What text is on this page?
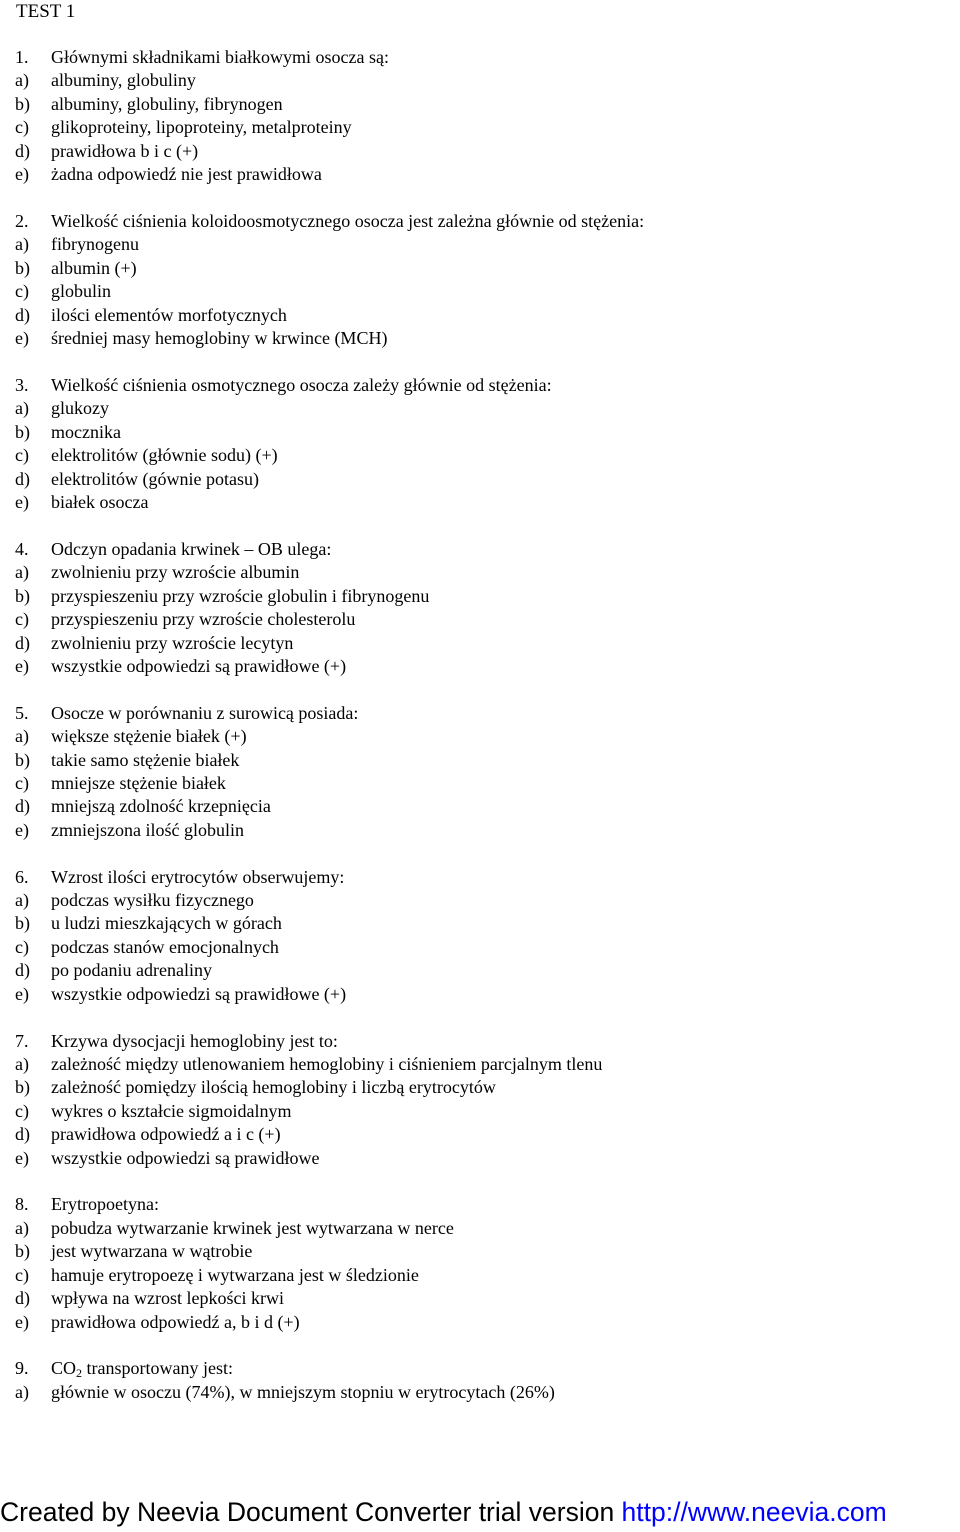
TEST 1
1.	Głównymi składnikami białkowymi osocza są:
a)	albuminy, globuliny
b)	albuminy, globuliny, fibrynogen
c)	glikoproteiny, lipoproteiny, metalproteiny
d)	prawidłowa b i c (+)
e)	żadna odpowiedź nie jest prawidłowa
2.	Wielkość ciśnienia koloidoosmotycznego osocza jest zależna głównie od stężenia:
a)	fibrynogenu
b)	albumin (+)
c)	globulin
d)	ilości elementów morfotycznych
e)	średniej masy hemoglobiny w krwince (MCH)
3.	Wielkość ciśnienia osmotycznego osocza zależy głównie od stężenia:
a)	glukozy
b)	mocznika
c)	elektrolitów (głównie sodu) (+)
d)	elektrolitów (gównie potasu)
e)	białek osocza
4.	Odczyn opadania krwinek – OB ulega:
a)	zwolnieniu przy wzroście albumin
b)	przyspieszeniu przy wzroście globulin i fibrynogenu
c)	przyspieszeniu przy wzroście cholesterolu
d)	zwolnieniu przy wzroście lecytyn
e)	wszystkie odpowiedzi są prawidłowe (+)
5.	Osocze w porównaniu z surowicą posiada:
a)	większe stężenie białek (+)
b)	takie samo stężenie białek
c)	mniejsze stężenie białek
d)	mniejszą zdolność krzepnięcia
e)	zmniejszona ilość globulin
6.	Wzrost ilości erytrocytów obserwujemy:
a)	podczas wysiłku fizycznego
b)	u ludzi mieszkających w górach
c)	podczas stanów emocjonalnych
d)	po podaniu adrenaliny
e)	wszystkie odpowiedzi są prawidłowe (+)
7.	Krzywa dysocjacji hemoglobiny jest to:
a)	zależność między utlenowaniem hemoglobiny i ciśnieniem parcjalnym tlenu
b)	zależność pomiędzy ilością hemoglobiny i liczbą erytrocytów
c)	wykres o kształcie sigmoidalnym
d)	prawidłowa odpowiedź a i c (+)
e)	wszystkie odpowiedzi są prawidłowe
8.	Erytropoetyna:
a)	pobudza wytwarzanie krwinek jest wytwarzana w nerce
b)	jest wytwarzana w wątrobie
c)	hamuje erytropoezę i wytwarzana jest w śledzionie
d)	wpływa na wzrost lepkości krwi
e)	prawidłowa odpowiedź a, b i d (+)
9.	$CO_2$ transportowany jest:
a)	głównie w osoczu (74%), w mniejszym stopniu w erytrocytach (26%)
Created by Neevia Document Converter trial version http://www.neevia.com
